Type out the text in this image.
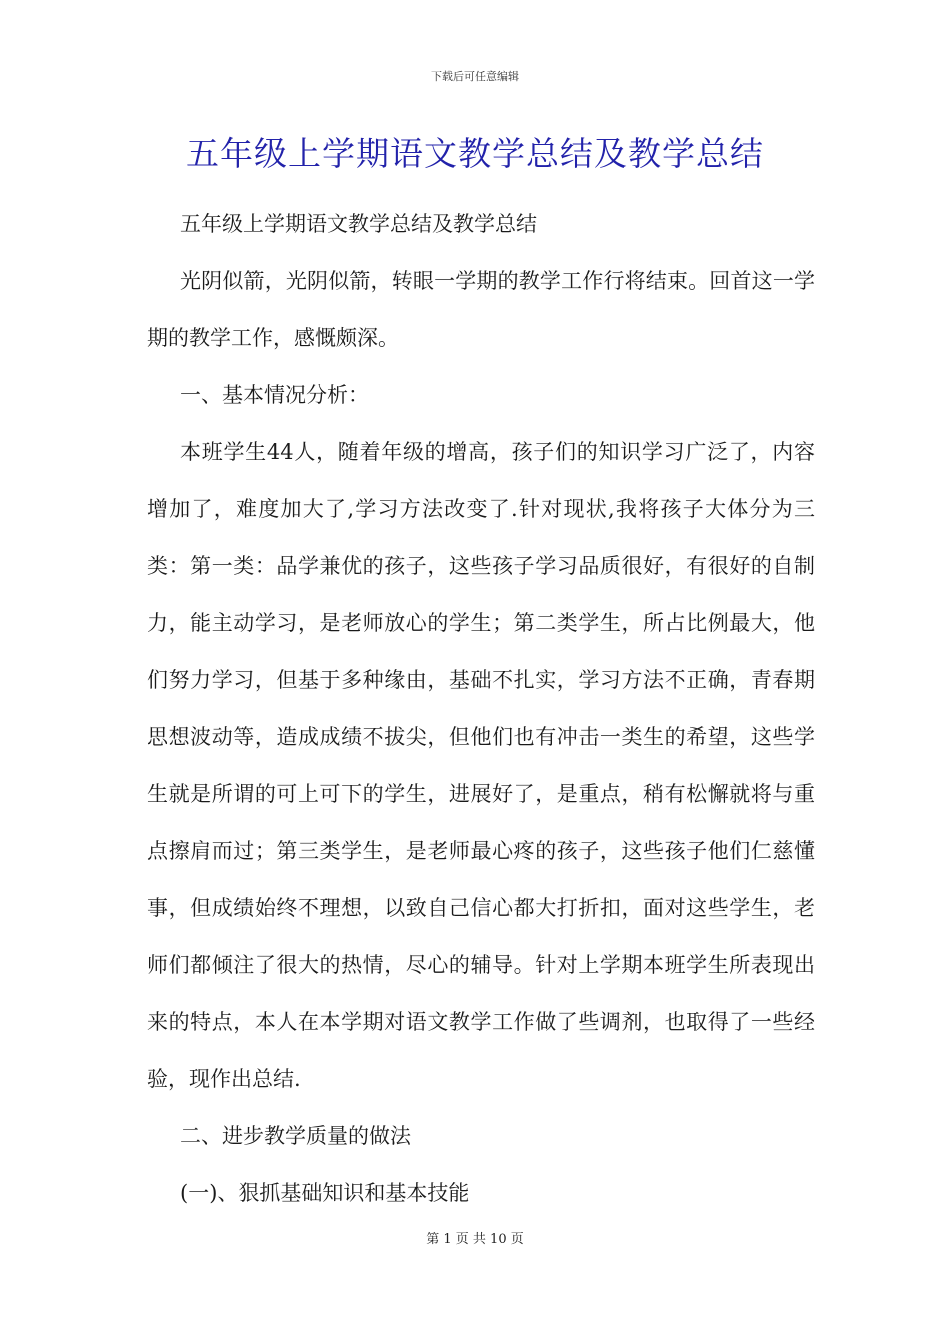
下载后可任意编辑
五年级上学期语文教学总结及教学总结

五年级上学期语文教学总结及教学总结

光阴似箭，光阴似箭，转眼一学期的教学工作行将结束。回首这一学期的教学工作，感慨颇深。

一、基本情况分析：

本班学生44人，随着年级的增高，孩子们的知识学习广泛了，内容增加了，难度加大了,学习方法改变了.针对现状,我将孩子大体分为三类：第一类：品学兼优的孩子，这些孩子学习品质很好，有很好的自制力，能主动学习，是老师放心的学生；第二类学生，所占比例最大，他们努力学习，但基于多种缘由，基础不扎实，学习方法不正确，青春期思想波动等，造成成绩不拔尖，但他们也有冲击一类生的希望，这些学生就是所谓的可上可下的学生，进展好了，是重点，稍有松懈就将与重点擦肩而过；第三类学生，是老师最心疼的孩子，这些孩子他们仁慈懂事，但成绩始终不理想，以致自己信心都大打折扣，面对这些学生，老师们都倾注了很大的热情，尽心的辅导。针对上学期本班学生所表现出来的特点，本人在本学期对语文教学工作做了些调剂，也取得了一些经验，现作出总结.

二、进步教学质量的做法

(一)、狠抓基础知识和基本技能

第 1 页 共 10 页
